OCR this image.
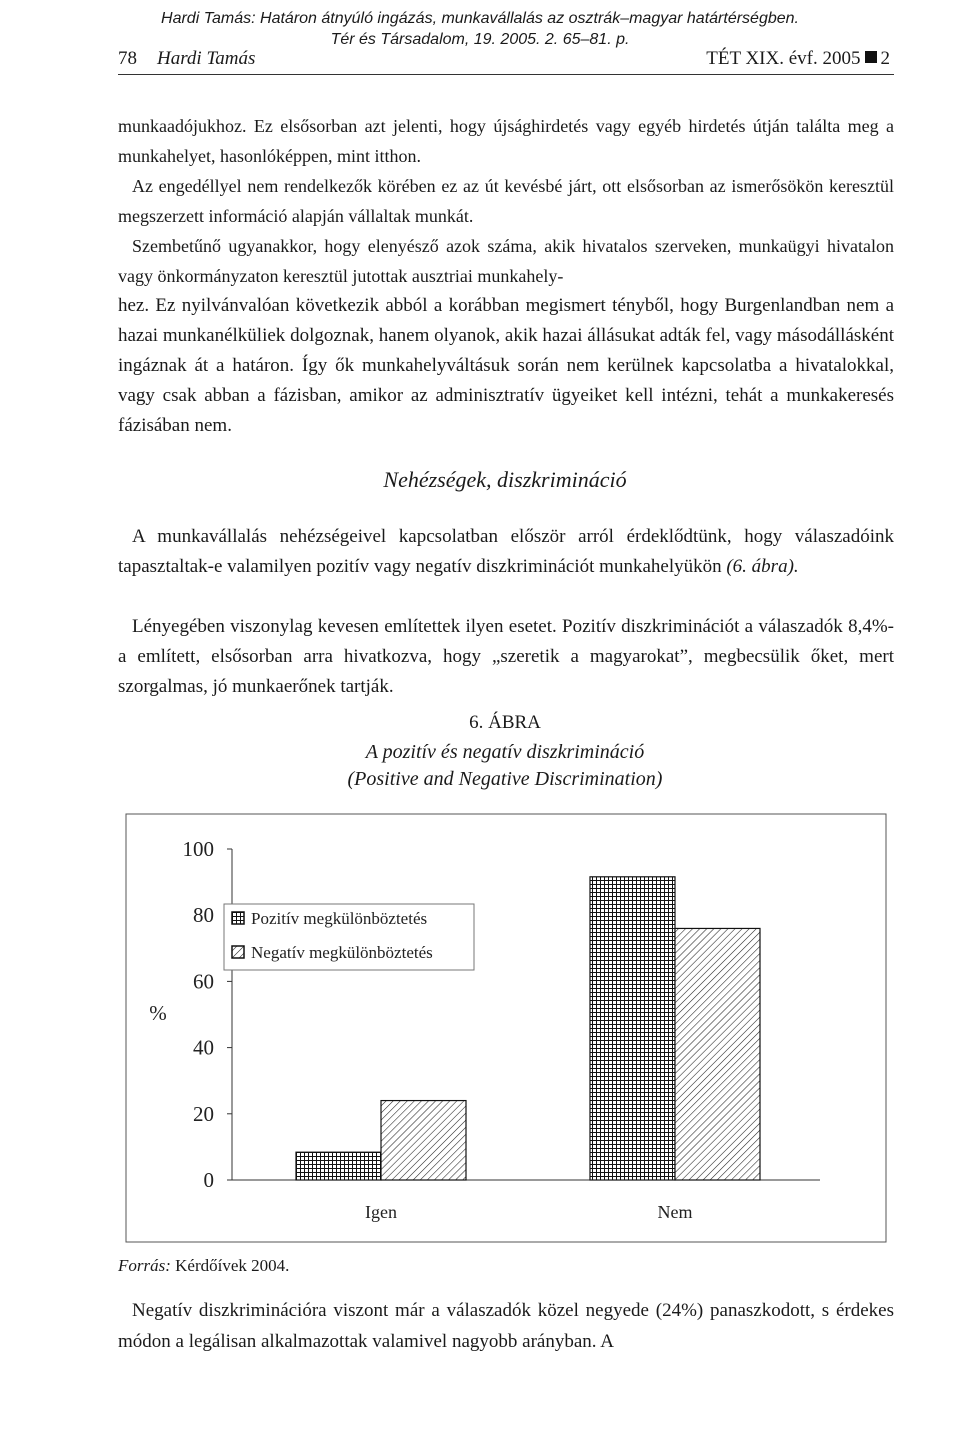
Hardi Tamás: Határon átnyúló ingázás, munkavállalás az osztrák–magyar határtérségben.
Tér és Társadalom, 19. 2005. 2. 65–81. p.
78 Hardi Tamás	TÉT XIX. évf. 2005 2
munkaadójukhoz. Ez elsősorban azt jelenti, hogy újsághirdetés vagy egyéb hirdetés útján találta meg a munkahelyet, hasonlóképpen, mint itthon.
Az engedéllyel nem rendelkezők körében ez az út kevésbé járt, ott elsősorban az ismerősökön keresztül megszerzett információ alapján vállaltak munkát.
Szembetűnő ugyanakkor, hogy elenyésző azok száma, akik hivatalos szerveken, munkaügyi hivatalon vagy önkormányzaton keresztül jutottak ausztriai munkahely-
hez. Ez nyilvánvalóan következik abból a korábban megismert tényből, hogy Burgenlandban nem a hazai munkanélküliek dolgoznak, hanem olyanok, akik hazai állásukat adták fel, vagy másodállásként ingáznak át a határon. Így ők munkahelyváltásuk során nem kerülnek kapcsolatba a hivatalokkal, vagy csak abban a fázisban, amikor az adminisztratív ügyeiket kell intézni, tehát a munkakeresés fázisában nem.
Nehézségek, diszkrimináció
A munkavállalás nehézségeivel kapcsolatban először arról érdeklődtünk, hogy válaszadóink tapasztaltak-e valamilyen pozitív vagy negatív diszkriminációt munkahelyükön (6. ábra).
Lényegében viszonylag kevesen említettek ilyen esetet. Pozitív diszkriminációt a válaszadók 8,4%-a említett, elsősorban arra hivatkozva, hogy „szeretik a magyarokat”, megbecsülik őket, mert szorgalmas, jó munkaerőnek tartják.
6. ÁBRA
A pozitív és negatív diszkrimináció
(Positive and Negative Discrimination)
%
0
20
40
60
80
100
Igen	Nem
Pozitív megkülönböztetés
Negatív megkülönböztetés
Forrás: Kérdőívek 2004.
Negatív diszkriminációra viszont már a válaszadók közel negyede (24%) panaszkodott, s érdekes módon a legálisan alkalmazottak valamivel nagyobb arányban. A
